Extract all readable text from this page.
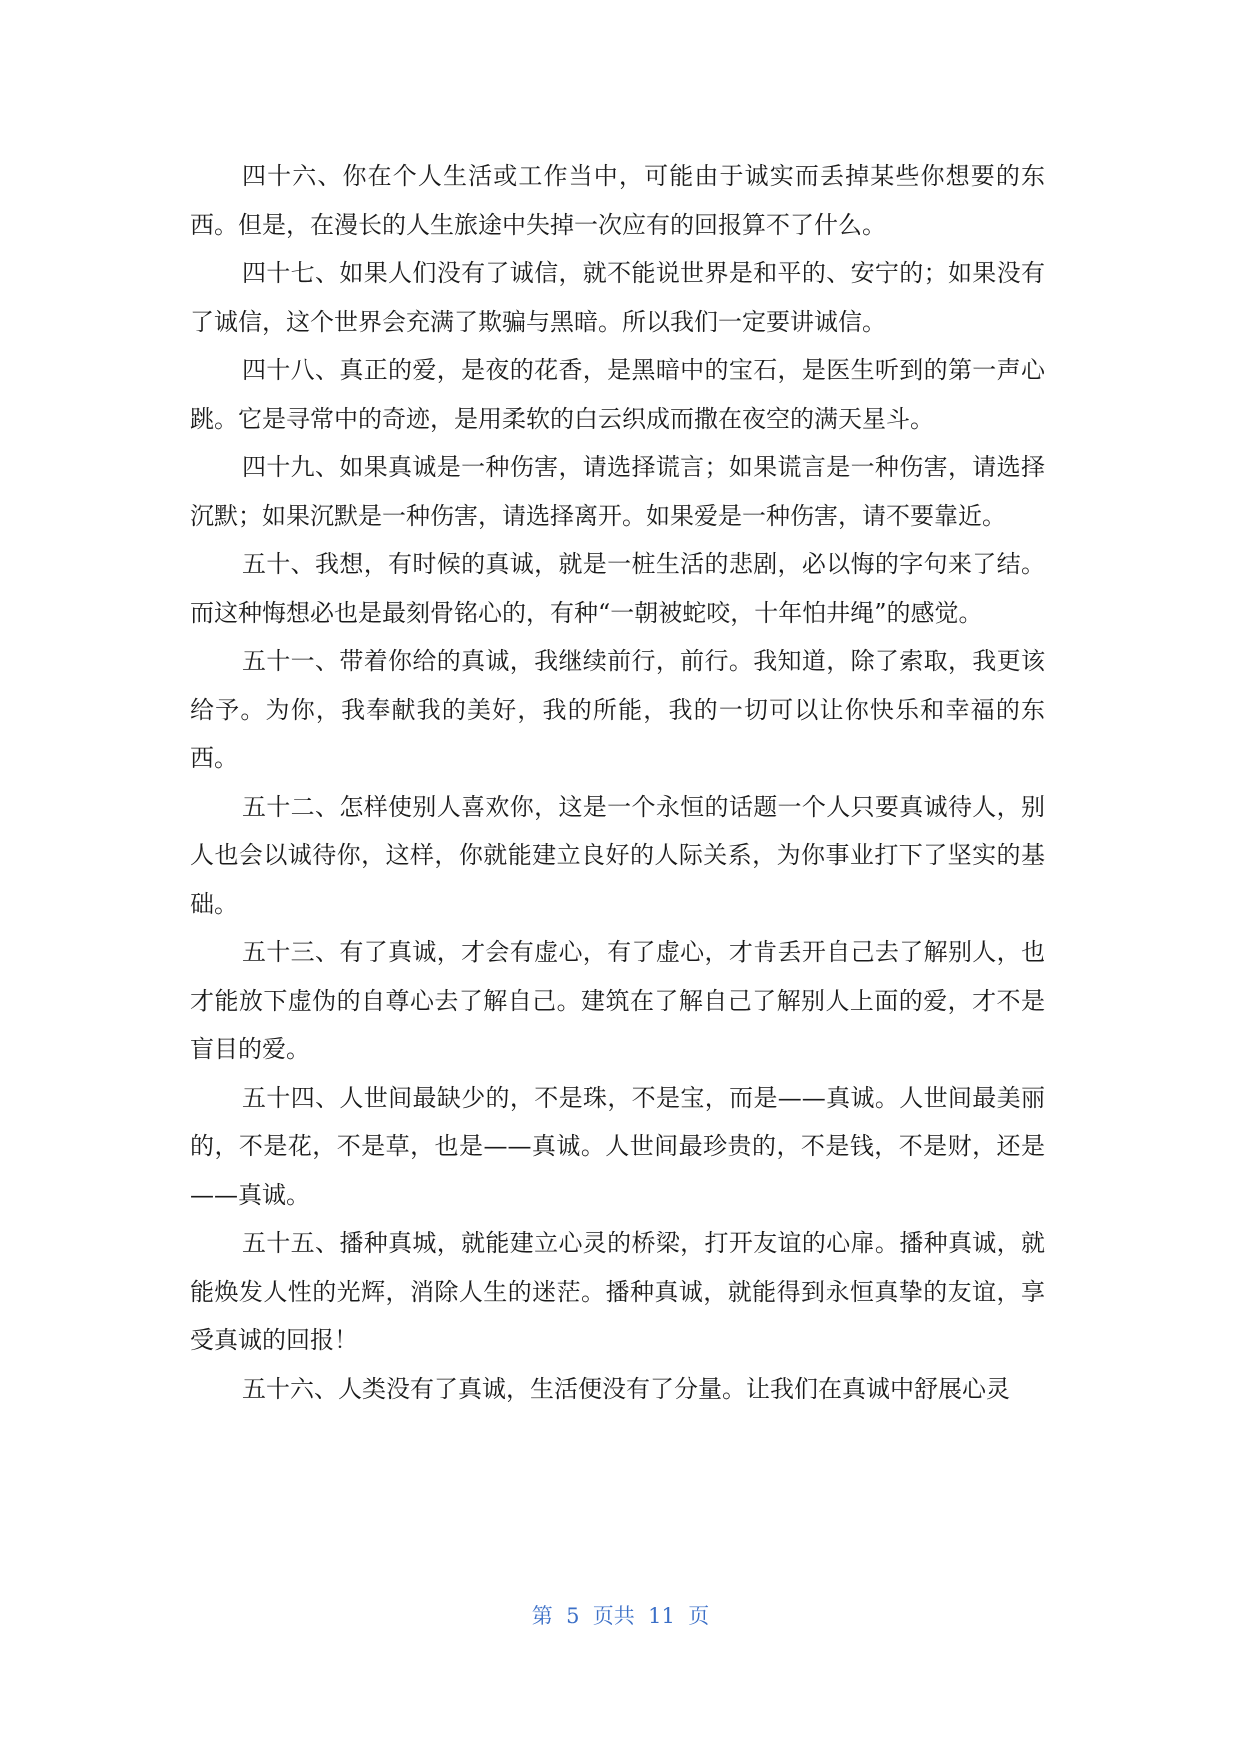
四十六、你在个人生活或工作当中，可能由于诚实而丢掉某些你想要的东西。但是，在漫长的人生旅途中失掉一次应有的回报算不了什么。

四十七、如果人们没有了诚信，就不能说世界是和平的、安宁的；如果没有了诚信，这个世界会充满了欺骗与黑暗。所以我们一定要讲诚信。

四十八、真正的爱，是夜的花香，是黑暗中的宝石，是医生听到的第一声心跳。它是寻常中的奇迹，是用柔软的白云织成而撒在夜空的满天星斗。

四十九、如果真诚是一种伤害，请选择谎言；如果谎言是一种伤害，请选择沉默；如果沉默是一种伤害，请选择离开。如果爱是一种伤害，请不要靠近。

五十、我想，有时候的真诚，就是一桩生活的悲剧，必以悔的字句来了结。而这种悔想必也是最刻骨铭心的，有种“一朝被蛇咬，十年怕井绳”的感觉。

五十一、带着你给的真诚，我继续前行，前行。我知道，除了索取，我更该给予。为你，我奉献我的美好，我的所能，我的一切可以让你快乐和幸福的东西。

五十二、怎样使别人喜欢你，这是一个永恒的话题一个人只要真诚待人，别人也会以诚待你，这样，你就能建立良好的人际关系，为你事业打下了坚实的基础。

五十三、有了真诚，才会有虚心，有了虚心，才肯丢开自己去了解别人，也才能放下虚伪的自尊心去了解自己。建筑在了解自己了解别人上面的爱，才不是盲目的爱。

五十四、人世间最缺少的，不是珠，不是宝，而是——真诚。人世间最美丽的，不是花，不是草，也是——真诚。人世间最珍贵的，不是钱，不是财，还是——真诚。

五十五、播种真城，就能建立心灵的桥梁，打开友谊的心扉。播种真诚，就能焕发人性的光辉，消除人生的迷茫。播种真诚，就能得到永恒真挚的友谊，享受真诚的回报！

五十六、人类没有了真诚，生活便没有了分量。让我们在真诚中舒展心灵

第  5  页共  11  页
